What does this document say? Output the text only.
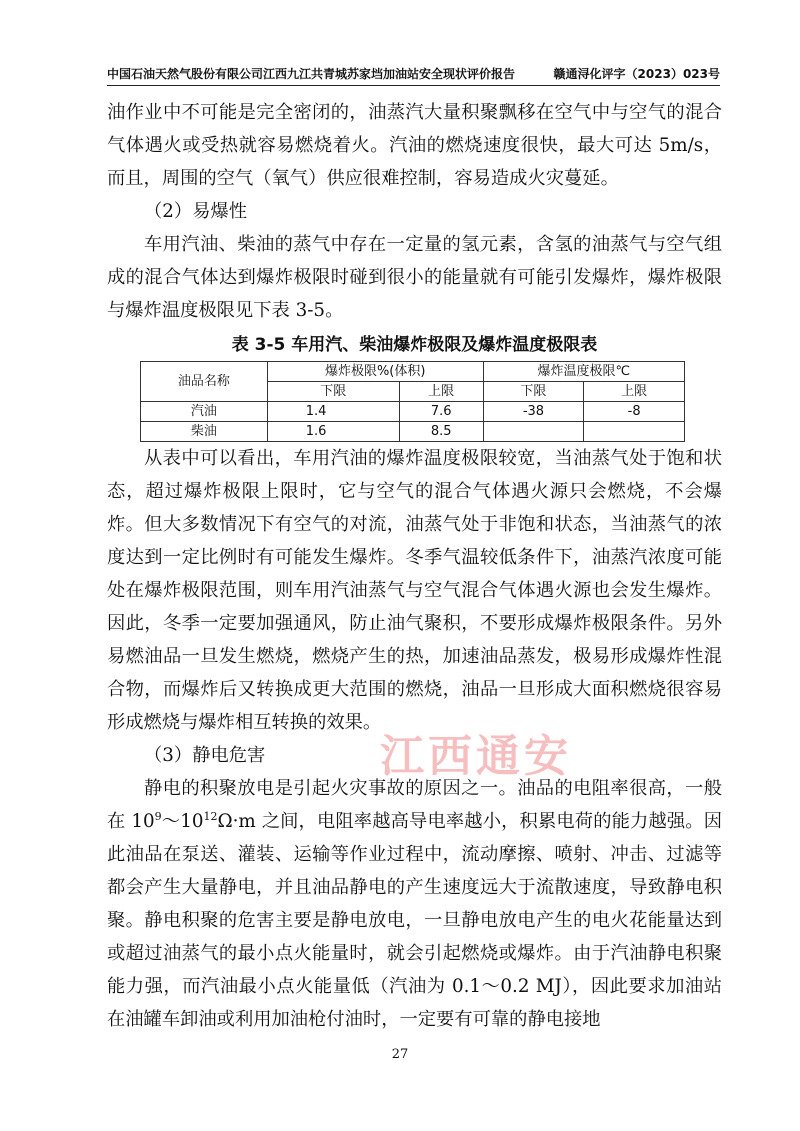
中国石油天然气股份有限公司江西九江共青城苏家垱加油站安全现状评价报告	赣通浔化评字（2023）023号
江西通安

油作业中不可能是完全密闭的，油蒸汽大量积聚飘移在空气中与空气的混合气体遇火或受热就容易燃烧着火。汽油的燃烧速度很快，最大可达 5m/s，而且，周围的空气（氧气）供应很难控制，容易造成火灾蔓延。

（2）易爆性

车用汽油、柴油的蒸气中存在一定量的氢元素，含氢的油蒸气与空气组成的混合气体达到爆炸极限时碰到很小的能量就有可能引发爆炸，爆炸极限与爆炸温度极限见下表 3-5。

表 3-5 车用汽、柴油爆炸极限及爆炸温度极限表
油品名称	爆炸极限%(体积)		爆炸温度极限℃	
	下限	上限	下限	上限
汽油	1.4	7.6	-38	-8
柴油	1.6	8.5		

从表中可以看出，车用汽油的爆炸温度极限较宽，当油蒸气处于饱和状态，超过爆炸极限上限时，它与空气的混合气体遇火源只会燃烧，不会爆炸。但大多数情况下有空气的对流，油蒸气处于非饱和状态，当油蒸气的浓度达到一定比例时有可能发生爆炸。冬季气温较低条件下，油蒸汽浓度可能处在爆炸极限范围，则车用汽油蒸气与空气混合气体遇火源也会发生爆炸。因此，冬季一定要加强通风，防止油气聚积，不要形成爆炸极限条件。另外易燃油品一旦发生燃烧，燃烧产生的热，加速油品蒸发，极易形成爆炸性混合物，而爆炸后又转换成更大范围的燃烧，油品一旦形成大面积燃烧很容易形成燃烧与爆炸相互转换的效果。

（3）静电危害

静电的积聚放电是引起火灾事故的原因之一。油品的电阻率很高，一般在 $10^9\sim 10^{12}\Omega\cdot m$ 之间，电阻率越高导电率越小，积累电荷的能力越强。因此油品在泵送、灌装、运输等作业过程中，流动摩擦、喷射、冲击、过滤等都会产生大量静电，并且油品静电的产生速度远大于流散速度，导致静电积聚。静电积聚的危害主要是静电放电，一旦静电放电产生的电火花能量达到或超过油蒸气的最小点火能量时，就会引起燃烧或爆炸。由于汽油静电积聚能力强，而汽油最小点火能量低（汽油为 0.1～0.2 MJ），因此要求加油站在油罐车卸油或利用加油枪付油时，一定要有可靠的静电接地

27
